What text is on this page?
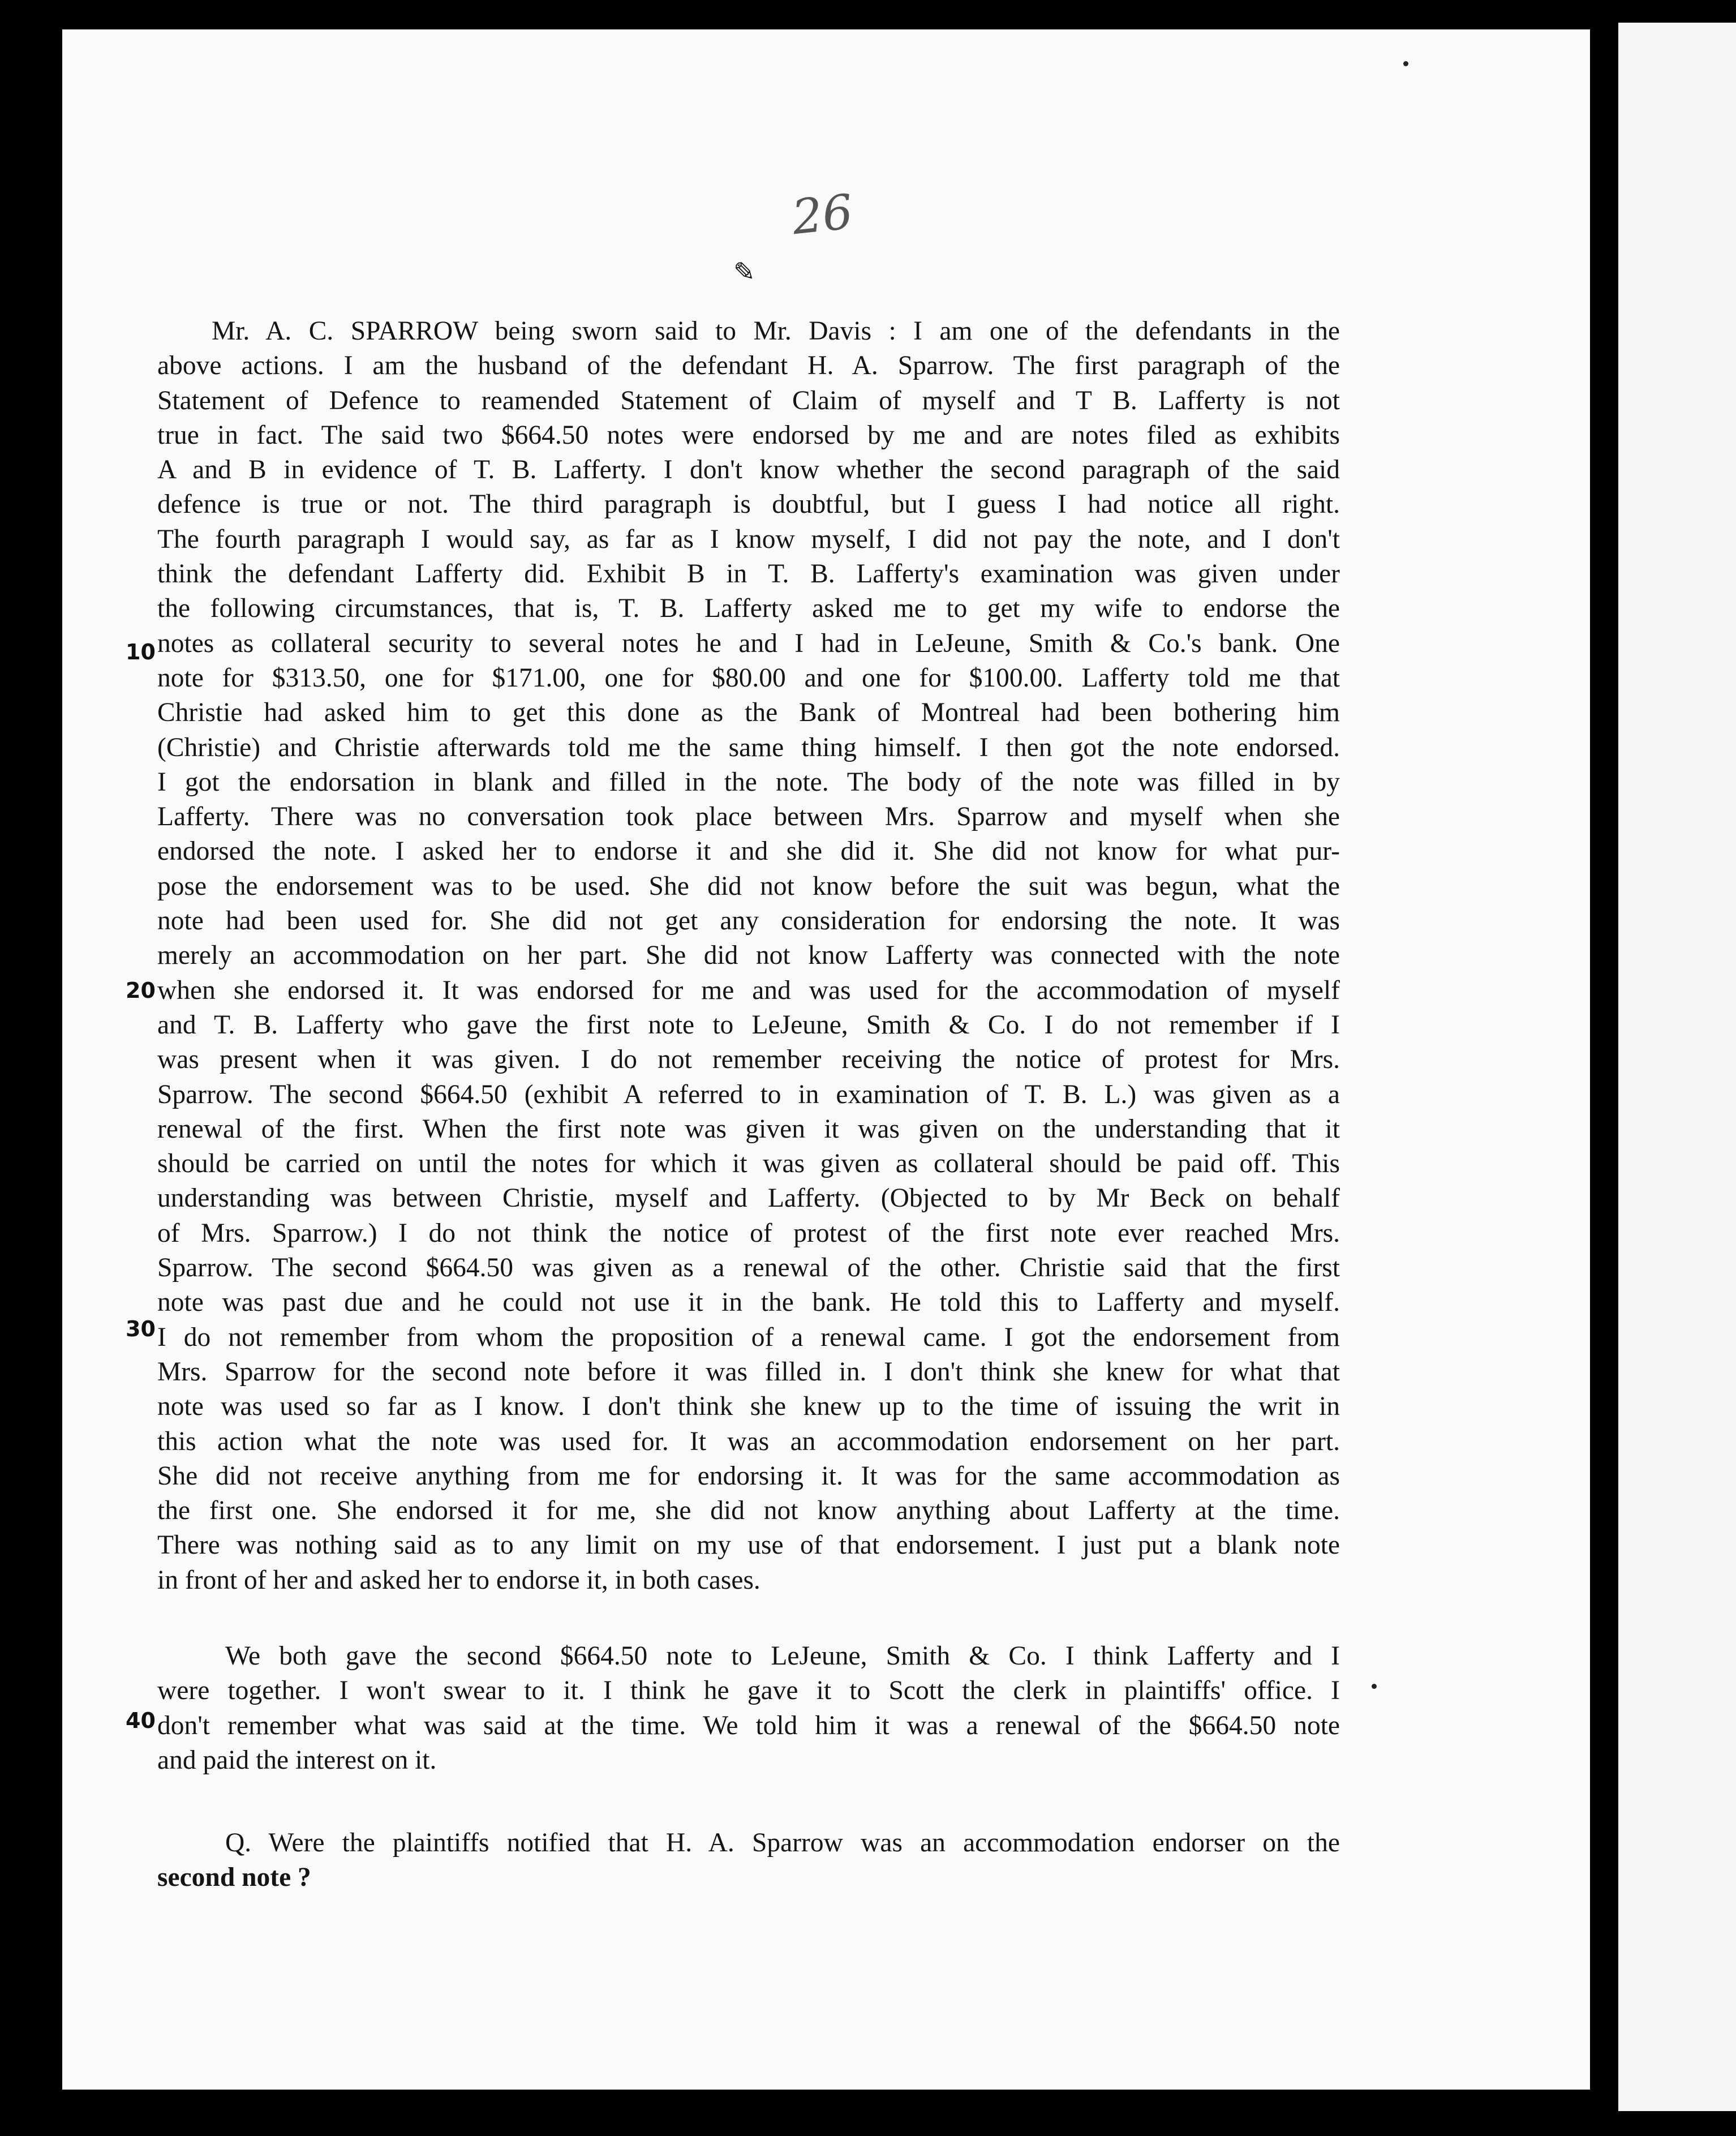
26
✎
Mr. A. C. SPARROW being sworn said to Mr. Davis : I am one of the defendants in the
above actions. I am the husband of the defendant H. A. Sparrow. The first paragraph of the
Statement of Defence to reamended Statement of Claim of myself and T B. Lafferty is not
true in fact. The said two $664.50 notes were endorsed by me and are notes filed as exhibits
A and B in evidence of T. B. Lafferty. I don't know whether the second paragraph of the said
defence is true or not. The third paragraph is doubtful, but I guess I had notice all right.
The fourth paragraph I would say, as far as I know myself, I did not pay the note, and I don't
think the defendant Lafferty did. Exhibit B in T. B. Lafferty's examination was given under
the following circumstances, that is, T. B. Lafferty asked me to get my wife to endorse the
notes as collateral security to several notes he and I had in LeJeune, Smith & Co.'s bank. One
note for $313.50, one for $171.00, one for $80.00 and one for $100.00. Lafferty told me that
Christie had asked him to get this done as the Bank of Montreal had been bothering him
(Christie) and Christie afterwards told me the same thing himself. I then got the note endorsed.
I got the endorsation in blank and filled in the note. The body of the note was filled in by
Lafferty. There was no conversation took place between Mrs. Sparrow and myself when she
endorsed the note. I asked her to endorse it and she did it. She did not know for what pur-
pose the endorsement was to be used. She did not know before the suit was begun, what the
note had been used for. She did not get any consideration for endorsing the note. It was
merely an accommodation on her part. She did not know Lafferty was connected with the note
when she endorsed it. It was endorsed for me and was used for the accommodation of myself
and T. B. Lafferty who gave the first note to LeJeune, Smith & Co. I do not remember if I
was present when it was given. I do not remember receiving the notice of protest for Mrs.
Sparrow. The second $664.50 (exhibit A referred to in examination of T. B. L.) was given as a
renewal of the first. When the first note was given it was given on the understanding that it
should be carried on until the notes for which it was given as collateral should be paid off. This
understanding was between Christie, myself and Lafferty. (Objected to by Mr Beck on behalf
of Mrs. Sparrow.) I do not think the notice of protest of the first note ever reached Mrs.
Sparrow. The second $664.50 was given as a renewal of the other. Christie said that the first
note was past due and he could not use it in the bank. He told this to Lafferty and myself.
I do not remember from whom the proposition of a renewal came. I got the endorsement from
Mrs. Sparrow for the second note before it was filled in. I don't think she knew for what that
note was used so far as I know. I don't think she knew up to the time of issuing the writ in
this action what the note was used for. It was an accommodation endorsement on her part.
She did not receive anything from me for endorsing it. It was for the same accommodation as
the first one. She endorsed it for me, she did not know anything about Lafferty at the time.
There was nothing said as to any limit on my use of that endorsement. I just put a blank note
in front of her and asked her to endorse it, in both cases.
We both gave the second $664.50 note to LeJeune, Smith & Co. I think Lafferty and I
were together. I won't swear to it. I think he gave it to Scott the clerk in plaintiffs' office. I
don't remember what was said at the time. We told him it was a renewal of the $664.50 note
and paid the interest on it.
Q. Were the plaintiffs notified that H. A. Sparrow was an accommodation endorser on the
second note ?
10
20
30
40
